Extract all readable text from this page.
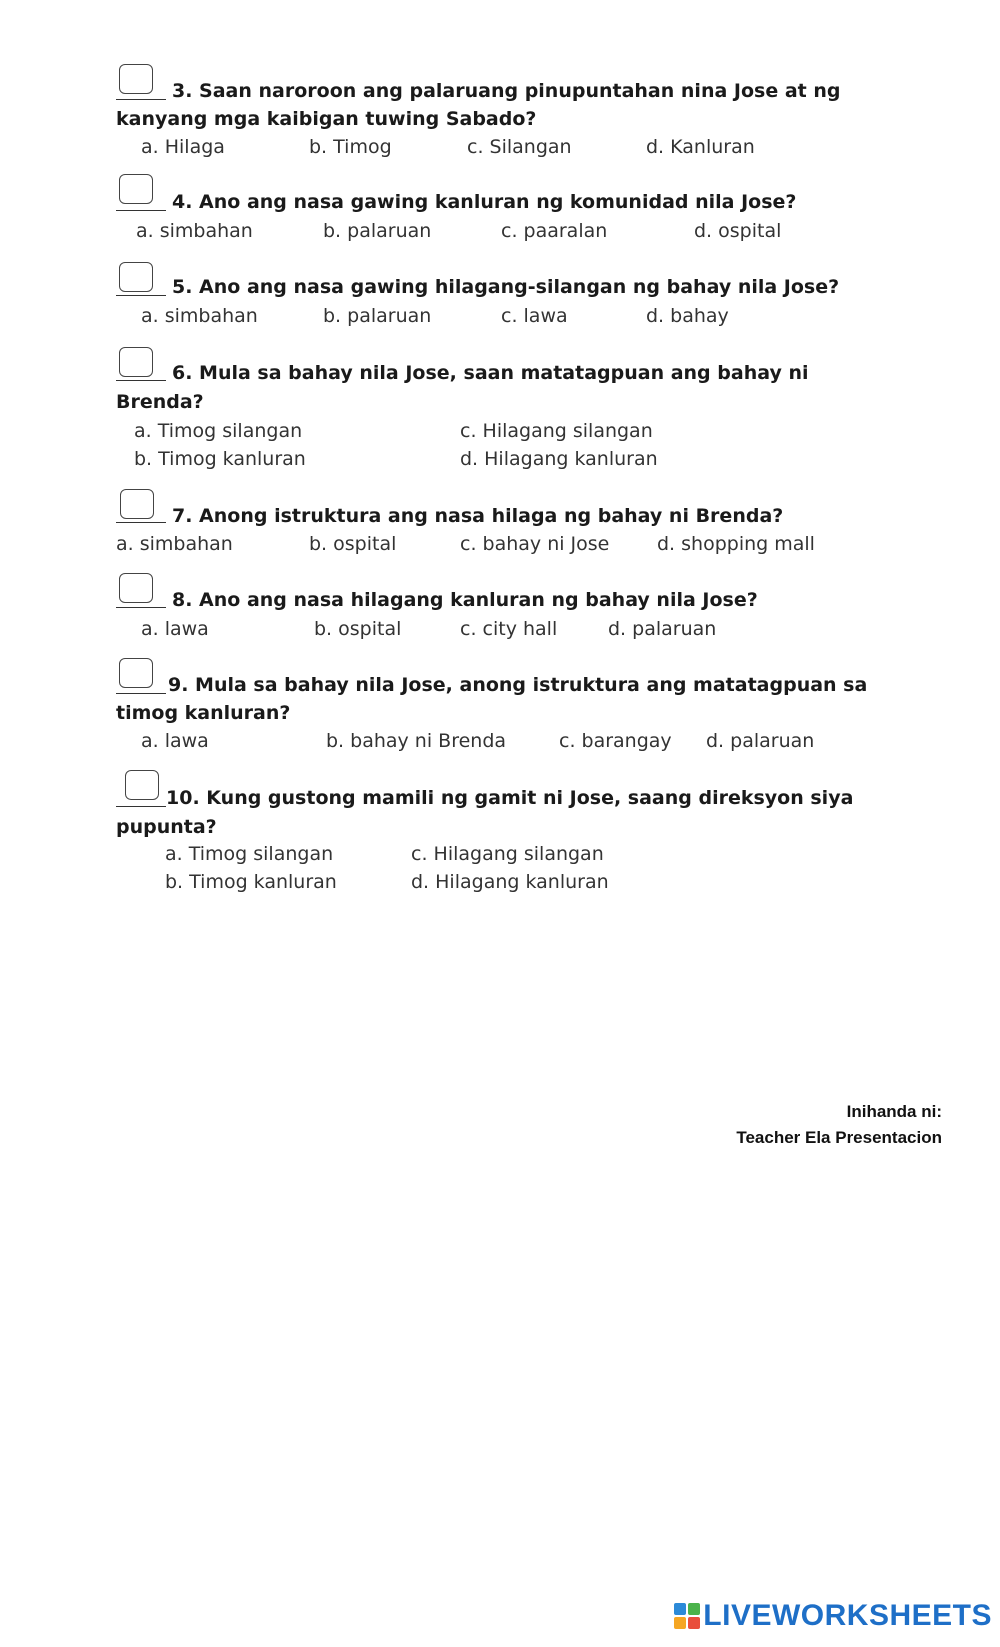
3. Saan naroroon ang palaruang pinupuntahan nina Jose at ng
kanyang mga kaibigan tuwing Sabado?
a. Hilaga	b. Timog	c. Silangan	d. Kanluran
4. Ano ang nasa gawing kanluran ng komunidad nila Jose?
a. simbahan	b. palaruan	c. paaralan	d. ospital
5. Ano ang nasa gawing hilagang-silangan ng bahay nila Jose?
a. simbahan	b. palaruan	c. lawa	d. bahay
6. Mula sa bahay nila Jose, saan matatagpuan ang bahay ni
Brenda?
a. Timog silangan	c. Hilagang silangan
b. Timog kanluran	d. Hilagang kanluran
7. Anong istruktura ang nasa hilaga ng bahay ni Brenda?
a. simbahan	b. ospital	c. bahay ni Jose	d. shopping mall
8. Ano ang nasa hilagang kanluran ng bahay nila Jose?
a. lawa	b. ospital	c. city hall	d. palaruan
9. Mula sa bahay nila Jose, anong istruktura ang matatagpuan sa
timog kanluran?
a. lawa	b. bahay ni Brenda	c. barangay d. palaruan
10. Kung gustong mamili ng gamit ni Jose, saang direksyon siya
pupunta?
a. Timog silangan	c. Hilagang silangan
b. Timog kanluran	d. Hilagang kanluran
Inihanda ni:
Teacher Ela Presentacion
LIVEWORKSHEETS
